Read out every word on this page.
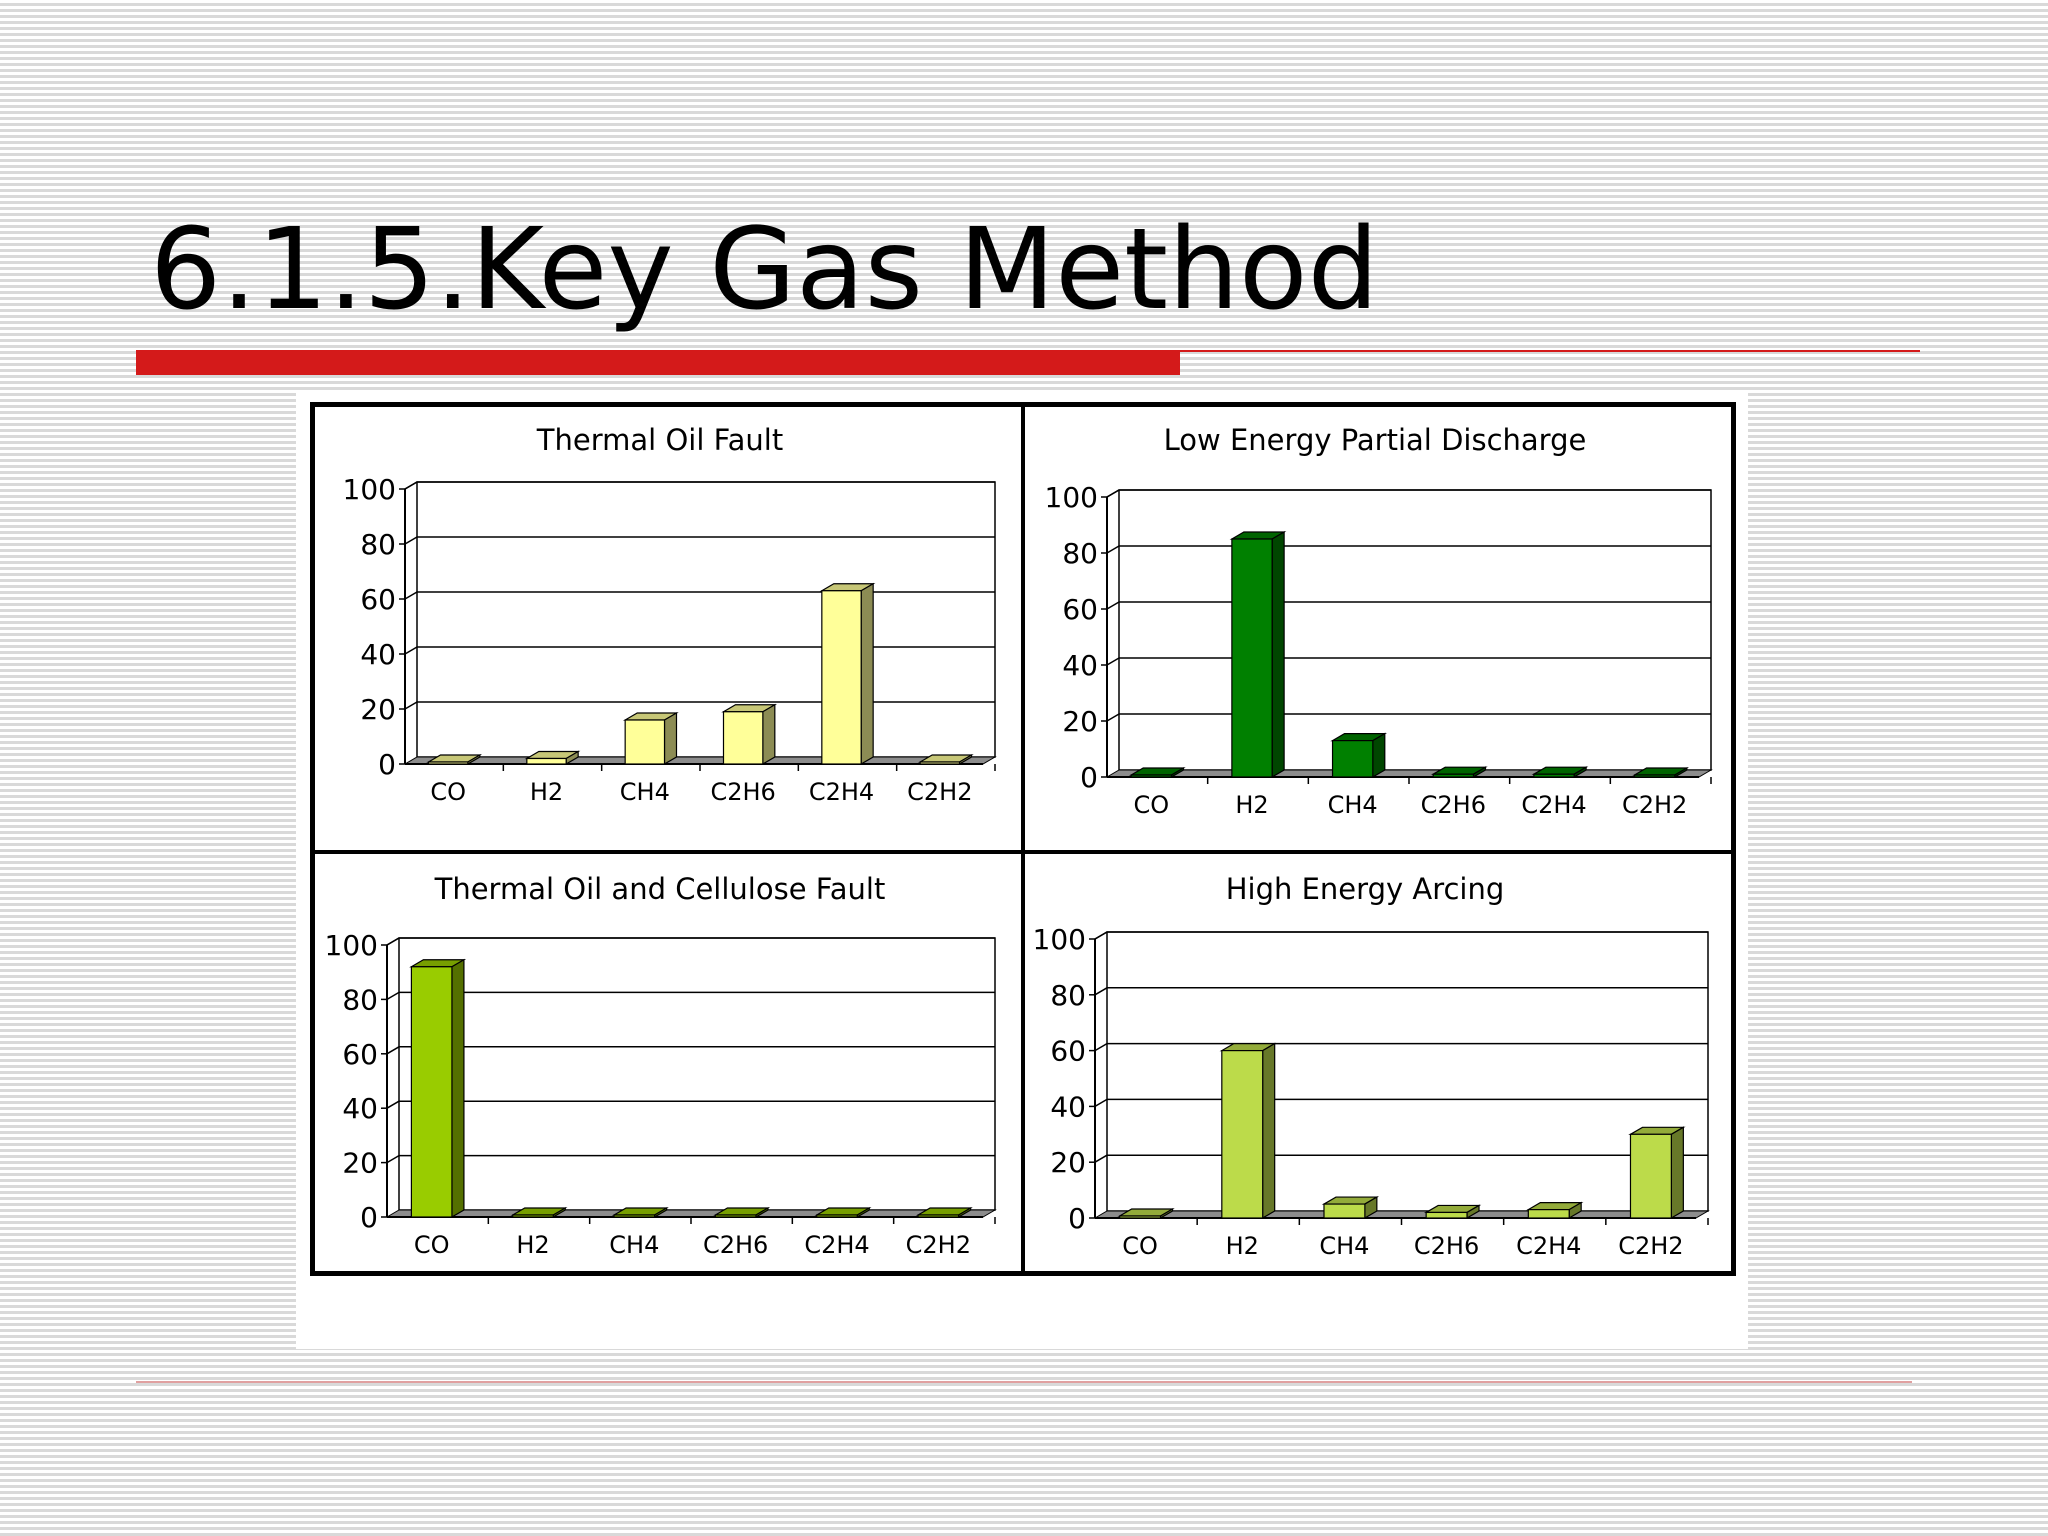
6.1.5.Key Gas Method
Thermal Oil Fault
0
20
40
60
80
100
CO	H2 CH4 C2H6 C2H4 C2H2
Low Energy Partial Discharge
0
20
40
60
80
100
CO	H2 CH4 C2H6 C2H4 C2H2
Thermal Oil and Cellulose Fault
0
20
40
60
80
100
CO	H2 CH4 C2H6 C2H4 C2H2
High Energy Arcing
0
20
40
60
80
100
CO	H2	CH4 C2H6 C2H4 C2H2
